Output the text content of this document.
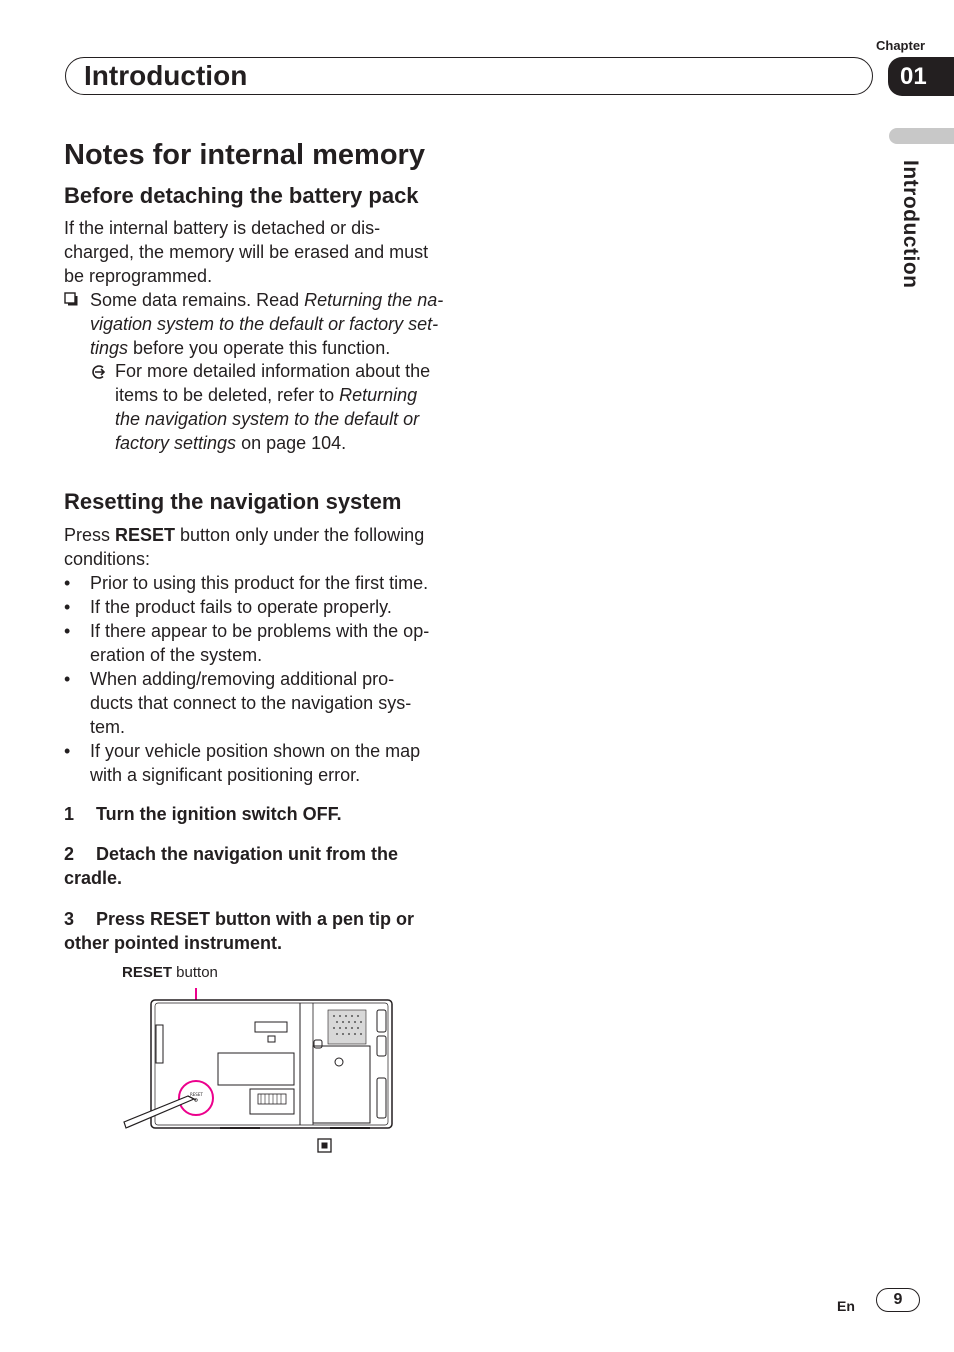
Chapter
Introduction	01
Introduction
Notes for internal memory
Before detaching the battery pack
If the internal battery is detached or dis-
charged, the memory will be erased and must
be reprogrammed.
Some data remains. Read Returning the na-
vigation system to the default or factory set-
tings before you operate this function.
For more detailed information about the
items to be deleted, refer to Returning
the navigation system to the default or
factory settings on page 104.
Resetting the navigation system
Press RESET button only under the following
conditions:
• Prior to using this product for the first time.
• If the product fails to operate properly.
• If there appear to be problems with the op-
eration of the system.
• When adding/removing additional pro-
ducts that connect to the navigation sys-
tem.
• If your vehicle position shown on the map
with a significant positioning error.
1 Turn the ignition switch OFF.
2 Detach the navigation unit from the
cradle.
3 Press RESET button with a pen tip or
other pointed instrument.
RESET button
RESET
En	9
